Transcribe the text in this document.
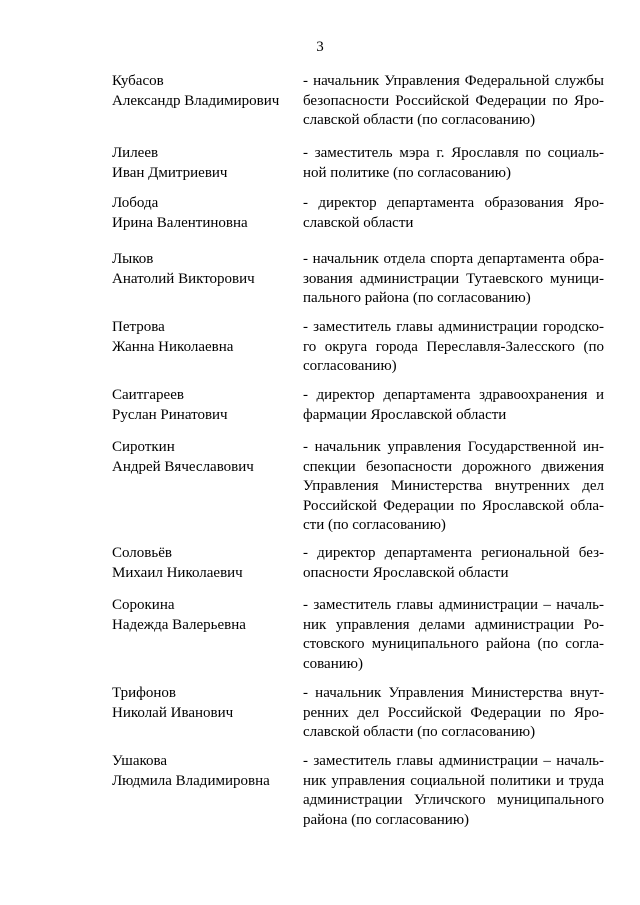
3
Кубасов
Александр Владимирович
- начальник Управления Федеральной службы
безопасности Российской Федерации по Яро-
славской области (по согласованию)
Лилеев
Иван Дмитриевич
- заместитель мэра г. Ярославля по социаль-
ной политике (по согласованию)
Лобода
Ирина Валентиновна
- директор департамента образования Яро-
славской области
Лыков
Анатолий Викторович
- начальник отдела спорта департамента обра-
зования администрации Тутаевского муници-
пального района (по согласованию)
Петрова
Жанна Николаевна
- заместитель главы администрации городско-
го округа города Переславля-Залесского (по
согласованию)
Саитгареев
Руслан Ринатович
- директор департамента здравоохранения и
фармации Ярославской области
Сироткин
Андрей Вячеславович
- начальник управления Государственной ин-
спекции безопасности дорожного движения
Управления Министерства внутренних дел
Российской Федерации по Ярославской обла-
сти (по согласованию)
Соловьёв
Михаил Николаевич
- директор департамента региональной без-
опасности Ярославской области
Сорокина
Надежда Валерьевна
- заместитель главы администрации – началь-
ник управления делами администрации Ро-
стовского муниципального района (по согла-
сованию)
Трифонов
Николай Иванович
- начальник Управления Министерства внут-
ренних дел Российской Федерации по Яро-
славской области (по согласованию)
Ушакова
Людмила Владимировна
- заместитель главы администрации – началь-
ник управления социальной политики и труда
администрации Угличского муниципального
района (по согласованию)
